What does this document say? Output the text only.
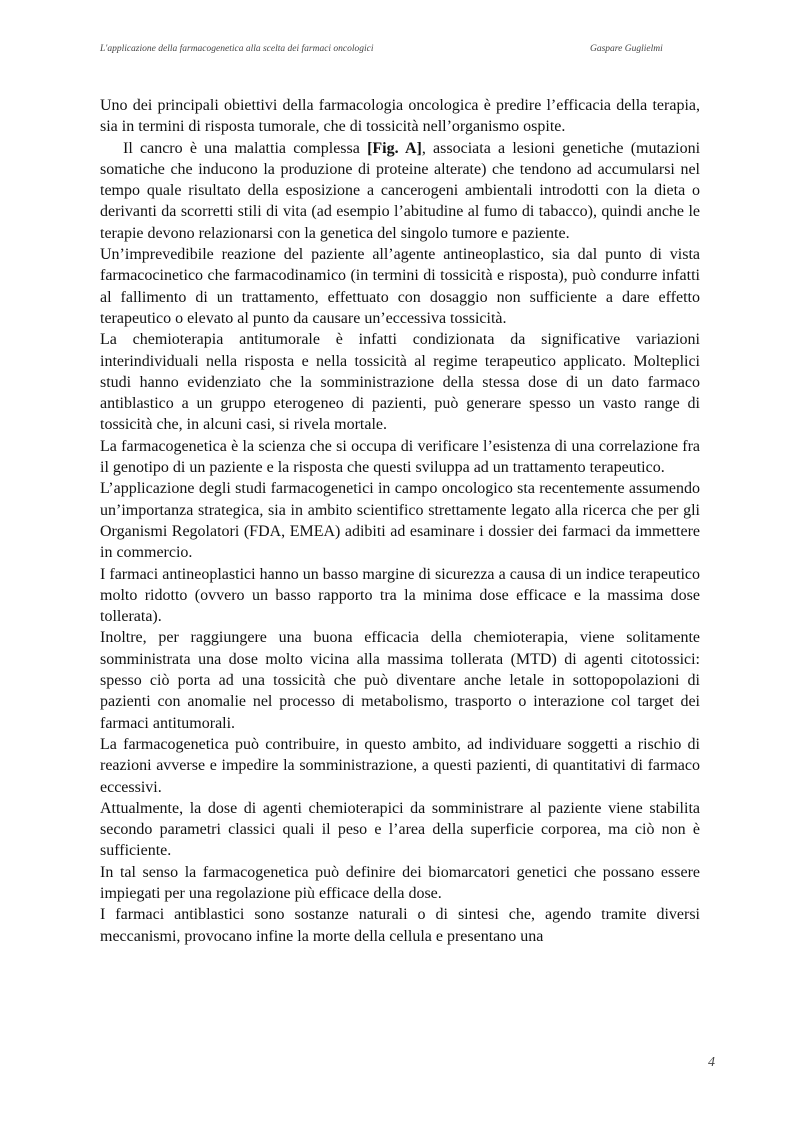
L'applicazione della farmacogenetica alla scelta dei farmaci oncologici	Gaspare Guglielmi

Uno dei principali obiettivi della farmacologia oncologica è predire l’efficacia della terapia, sia in termini di risposta tumorale, che di tossicità nell’organismo ospite.

Il cancro è una malattia complessa [Fig. A], associata a lesioni genetiche (mutazioni somatiche che inducono la produzione di proteine alterate) che tendono ad accumularsi nel tempo quale risultato della esposizione a cancerogeni ambientali introdotti con la dieta o derivanti da scorretti stili di vita (ad esempio l’abitudine al fumo di tabacco), quindi anche le terapie devono relazionarsi con la genetica del singolo tumore e paziente.

Un’imprevedibile reazione del paziente all’agente antineoplastico, sia dal punto di vista farmacocinetico che farmacodinamico (in termini di tossicità e risposta), può condurre infatti al fallimento di un trattamento, effettuato con dosaggio non sufficiente a dare effetto terapeutico o elevato al punto da causare un’eccessiva tossicità.

La chemioterapia antitumorale è infatti condizionata da significative variazioni interindividuali nella risposta e nella tossicità al regime terapeutico applicato. Molteplici studi hanno evidenziato che la somministrazione della stessa dose di un dato farmaco antiblastico a un gruppo eterogeneo di pazienti, può generare spesso un vasto range di tossicità che, in alcuni casi, si rivela mortale.

La farmacogenetica è la scienza che si occupa di verificare l’esistenza di una correlazione fra il genotipo di un paziente e la risposta che questi sviluppa ad un trattamento terapeutico.

L’applicazione degli studi farmacogenetici in campo oncologico sta recentemente assumendo un’importanza strategica, sia in ambito scientifico strettamente legato alla ricerca che per gli Organismi Regolatori (FDA, EMEA) adibiti ad esaminare i dossier dei farmaci da immettere in commercio.

I farmaci antineoplastici hanno un basso margine di sicurezza a causa di un indice terapeutico molto ridotto (ovvero un basso rapporto tra la minima dose efficace e la massima dose tollerata).

Inoltre, per raggiungere una buona efficacia della chemioterapia, viene solitamente somministrata una dose molto vicina alla massima tollerata (MTD) di agenti citotossici: spesso ciò porta ad una tossicità che può diventare anche letale in sottopopolazioni di pazienti con anomalie nel processo di metabolismo, trasporto o interazione col target dei farmaci antitumorali.

La farmacogenetica può contribuire, in questo ambito, ad individuare soggetti a rischio di reazioni avverse e impedire la somministrazione, a questi pazienti, di quantitativi di farmaco eccessivi.

Attualmente, la dose di agenti chemioterapici da somministrare al paziente viene stabilita secondo parametri classici quali il peso e l’area della superficie corporea, ma ciò non è sufficiente.

In tal senso la farmacogenetica può definire dei biomarcatori genetici che possano essere impiegati per una regolazione più efficace della dose.

I farmaci antiblastici sono sostanze naturali o di sintesi che, agendo tramite diversi meccanismi, provocano infine la morte della cellula e presentano una

4
